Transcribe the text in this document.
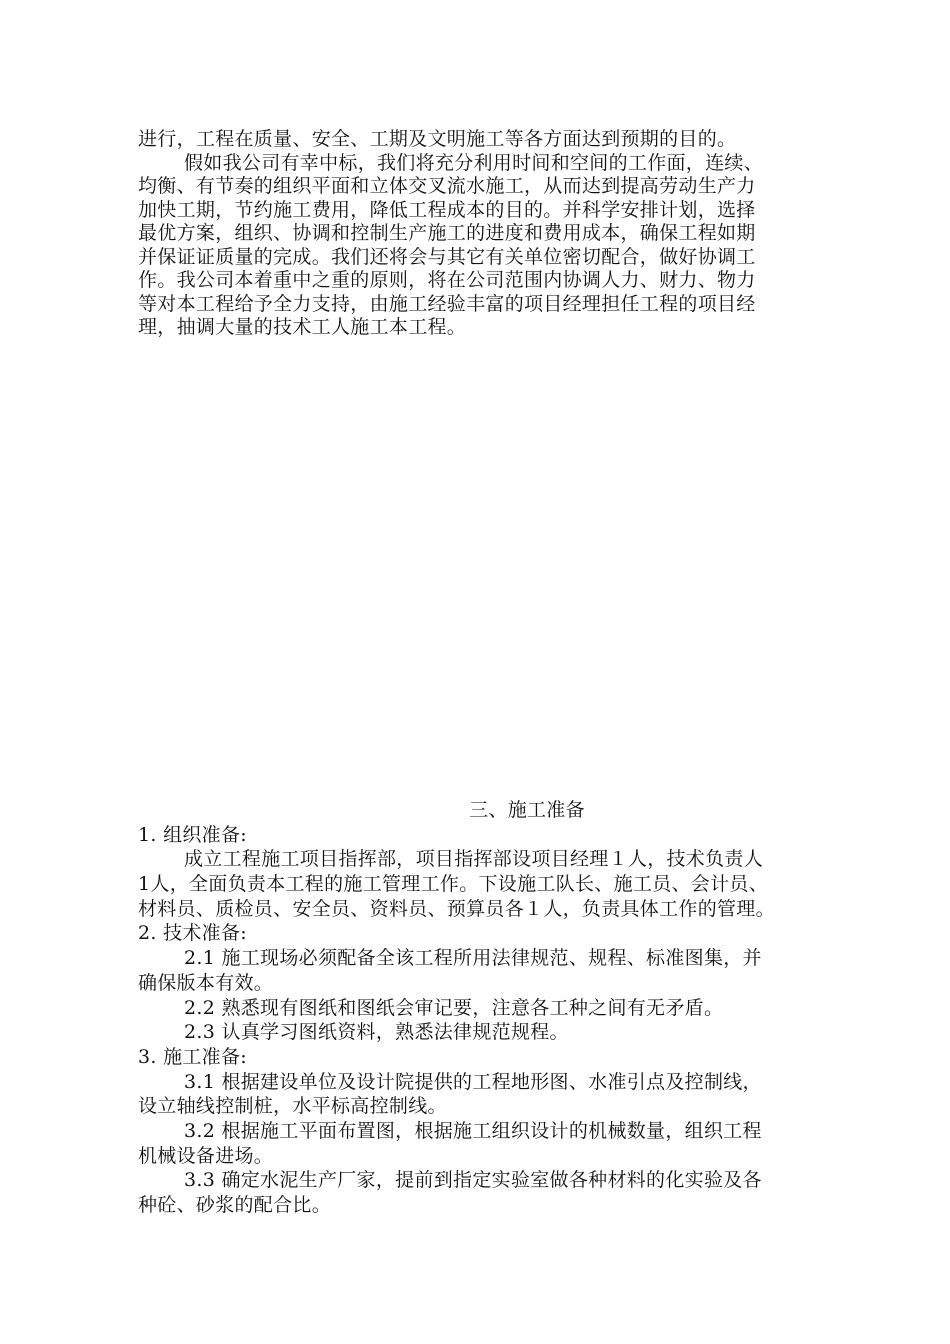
进行，工程在质量、安全、工期及文明施工等各方面达到预期的目的。
假如我公司有幸中标，我们将充分利用时间和空间的工作面，连续、
均衡、有节奏的组织平面和立体交叉流水施工，从而达到提高劳动生产力
加快工期，节约施工费用，降低工程成本的目的。并科学安排计划，选择
最优方案，组织、协调和控制生产施工的进度和费用成本，确保工程如期
并保证证质量的完成。我们还将会与其它有关单位密切配合，做好协调工
作。我公司本着重中之重的原则，将在公司范围内协调人力、财力、物力
等对本工程给予全力支持，由施工经验丰富的项目经理担任工程的项目经
理，抽调大量的技术工人施工本工程。
三、施工准备
1. 组织准备:
成立工程施工项目指挥部，项目指挥部设项目经理１人，技术负责人
1人，全面负责本工程的施工管理工作。下设施工队长、施工员、会计员、
材料员、质检员、安全员、资料员、预算员各１人，负责具体工作的管理。
2. 技术准备:
2.1 施工现场必须配备全该工程所用法律规范、规程、标准图集，并
确保版本有效。
2.2 熟悉现有图纸和图纸会审记要，注意各工种之间有无矛盾。
2.3 认真学习图纸资料，熟悉法律规范规程。
3. 施工准备:
3.1 根据建设单位及设计院提供的工程地形图、水准引点及控制线，
设立轴线控制桩，水平标高控制线。
3.2 根据施工平面布置图，根据施工组织设计的机械数量，组织工程
机械设备进场。
3.3 确定水泥生产厂家，提前到指定实验室做各种材料的化实验及各
种砼、砂浆的配合比。
